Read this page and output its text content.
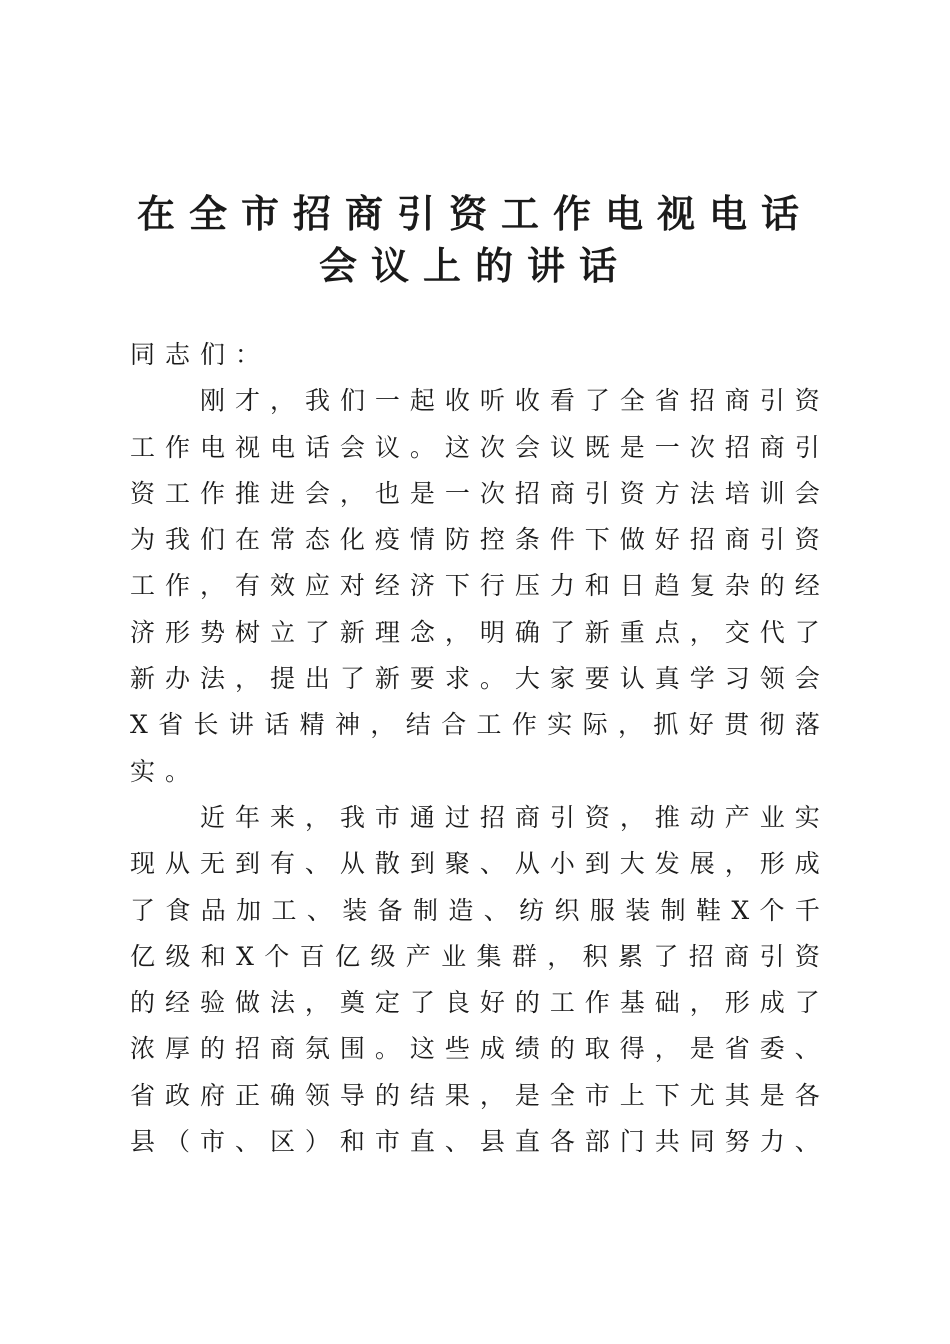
在全市招商引资工作电视电话

会议上的讲话

同 志 们 ：
刚 才 ， 我 们 一 起 收 听 收 看 了 全 省 招 商 引 资
工 作 电 视 电 话 会 议 。 这 次 会 议 既 是 一 次 招 商 引
资 工 作 推 进 会 ， 也 是 一 次 招 商 引 资 方 法 培 训 会
为 我 们 在 常 态 化 疫 情 防 控 条 件 下 做 好 招 商 引 资
工 作 ， 有 效 应 对 经 济 下 行 压 力 和 日 趋 复 杂 的 经
济 形 势 树 立 了 新 理 念 ， 明 确 了 新 重 点 ， 交 代 了
新 办 法 ， 提 出 了 新 要 求 。 大 家 要 认 真 学 习 领 会
X 省 长 讲 话 精 神 ， 结 合 工 作 实 际 ， 抓 好 贯 彻 落
实 。
近 年 来 ， 我 市 通 过 招 商 引 资 ， 推 动 产 业 实
现 从 无 到 有 、 从 散 到 聚 、 从 小 到 大 发 展 ， 形 成
了 食 品 加 工 、 装 备 制 造 、 纺 织 服 装 制 鞋 X 个 千
亿 级 和 X 个 百 亿 级 产 业 集 群 ， 积 累 了 招 商 引 资
的 经 验 做 法 ， 奠 定 了 良 好 的 工 作 基 础 ， 形 成 了
浓 厚 的 招 商 氛 围 。 这 些 成 绩 的 取 得 ， 是 省 委 、
省 政 府 正 确 领 导 的 结 果 ， 是 全 市 上 下 尤 其 是 各
县 （ 市 、 区 ） 和 市 直 、 县 直 各 部 门 共 同 努 力 、
